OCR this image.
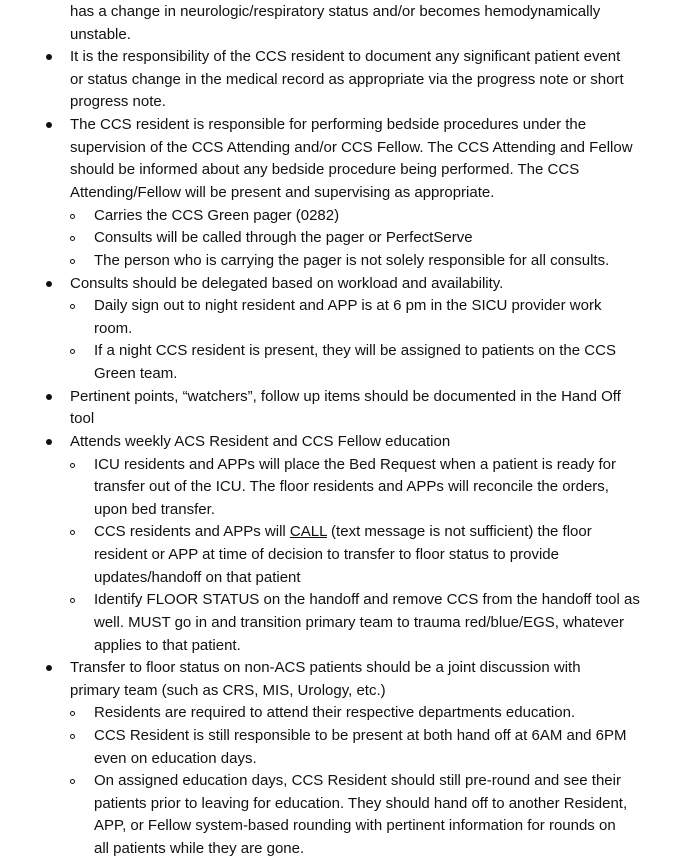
has a change in neurologic/respiratory status and/or becomes hemodynamically
unstable.
It is the responsibility of the CCS resident to document any significant patient event
or status change in the medical record as appropriate via the progress note or short
progress note.
The CCS resident is responsible for performing bedside procedures under the
supervision of the CCS Attending and/or CCS Fellow. The CCS Attending and Fellow
should be informed about any bedside procedure being performed. The CCS
Attending/Fellow will be present and supervising as appropriate.
Carries the CCS Green pager (0282)
Consults will be called through the pager or PerfectServe
The person who is carrying the pager is not solely responsible for all consults.
Consults should be delegated based on workload and availability.
Daily sign out to night resident and APP is at 6 pm in the SICU provider work
room.
If a night CCS resident is present, they will be assigned to patients on the CCS
Green team.
Pertinent points, “watchers”, follow up items should be documented in the Hand Off
tool
Attends weekly ACS Resident and CCS Fellow education
ICU residents and APPs will place the Bed Request when a patient is ready for
transfer out of the ICU. The floor residents and APPs will reconcile the orders,
upon bed transfer.
CCS residents and APPs will CALL (text message is not sufficient) the floor
resident or APP at time of decision to transfer to floor status to provide
updates/handoff on that patient
Identify FLOOR STATUS on the handoff and remove CCS from the handoff tool as
well. MUST go in and transition primary team to trauma red/blue/EGS, whatever
applies to that patient.
Transfer to floor status on non-ACS patients should be a joint discussion with
primary team (such as CRS, MIS, Urology, etc.)
Residents are required to attend their respective departments education.
CCS Resident is still responsible to be present at both hand off at 6AM and 6PM
even on education days.
On assigned education days, CCS Resident should still pre-round and see their
patients prior to leaving for education. They should hand off to another Resident,
APP, or Fellow system-based rounding with pertinent information for rounds on
all patients while they are gone.
